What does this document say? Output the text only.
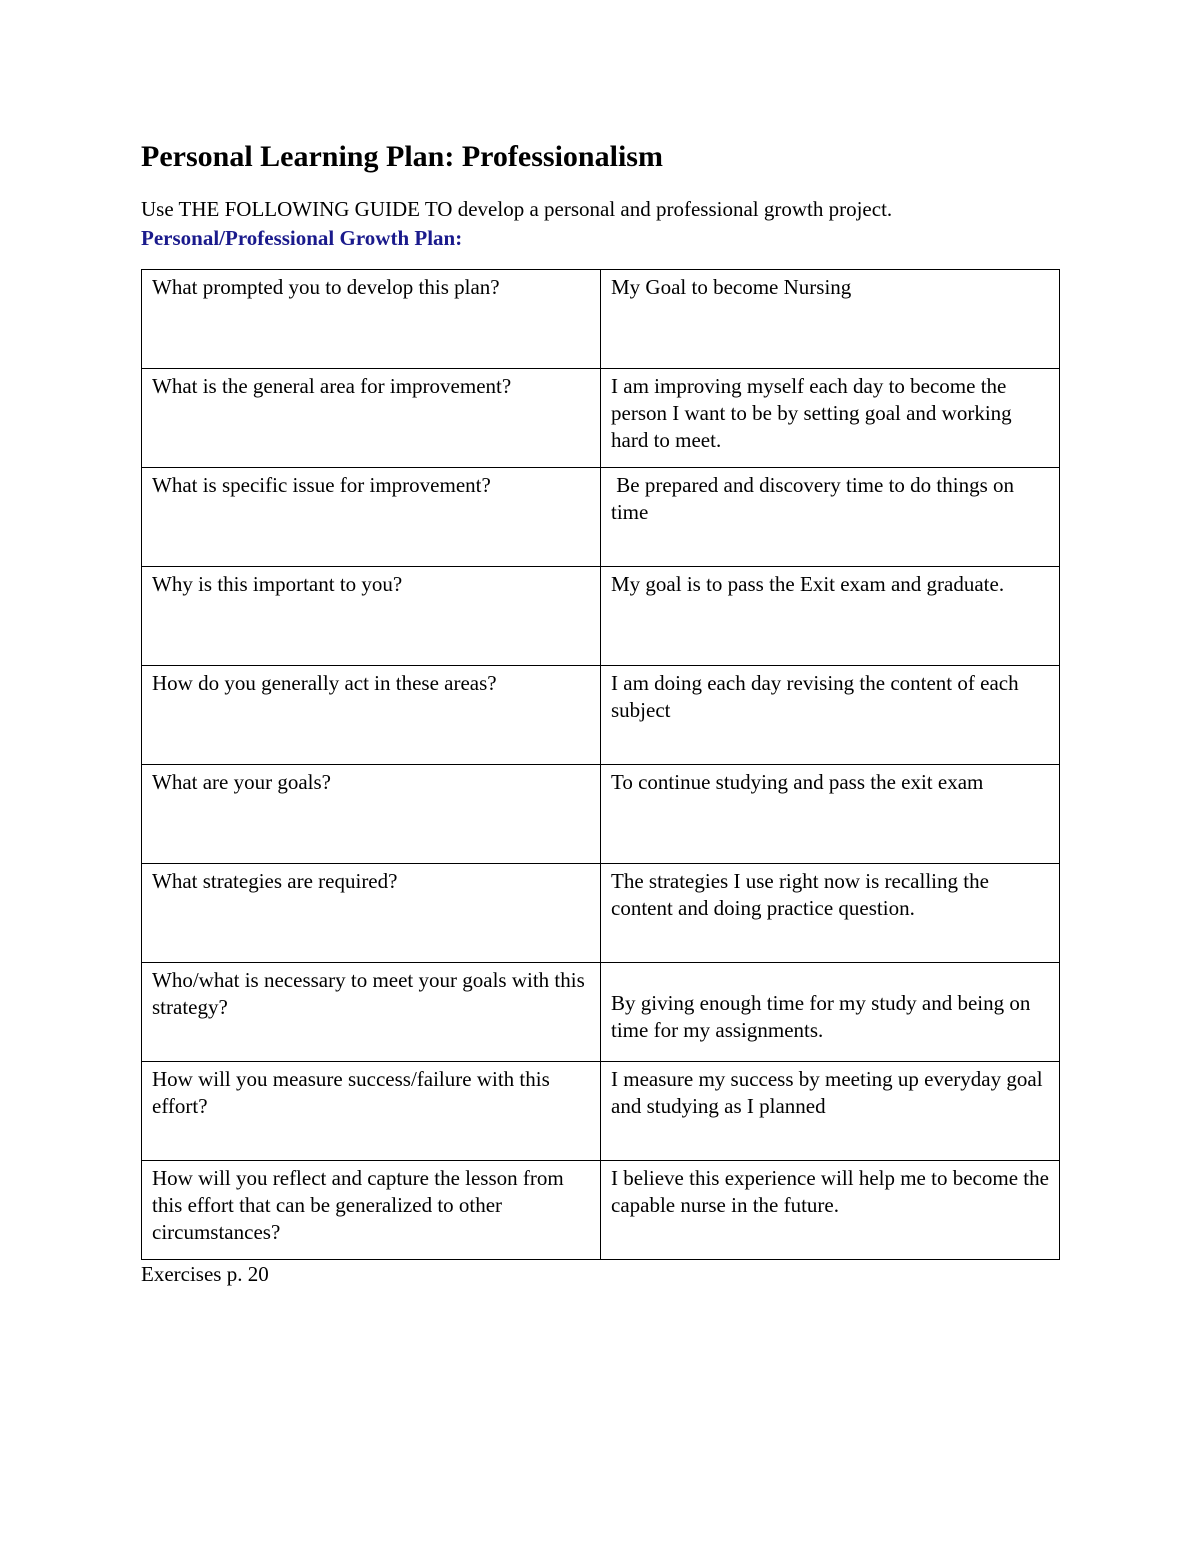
Personal Learning Plan: Professionalism
Use THE FOLLOWING GUIDE TO develop a personal and professional growth project.
Personal/Professional Growth Plan:
What prompted you to develop this plan?	My Goal to become Nursing
What is the general area for improvement?	I am improving myself each day to become the person I want to be by setting goal and working hard to meet.
What is specific issue for improvement?	Be prepared and discovery time to do things on time
Why is this important to you?	My goal is to pass the Exit exam and graduate.
How do you generally act in these areas?	I am doing each day revising the content of each subject
What are your goals?	To continue studying and pass the exit exam
What strategies are required?	The strategies I use right now is recalling the content and doing practice question.
Who/what is necessary to meet your goals with this strategy?	By giving enough time for my study and being on time for my assignments.
How will you measure success/failure with this effort?	I measure my success by meeting up everyday goal and studying as I planned
How will you reflect and capture the lesson from this effort that can be generalized to other circumstances?	I believe this experience will help me to become the capable nurse in the future.
Exercises p. 20
